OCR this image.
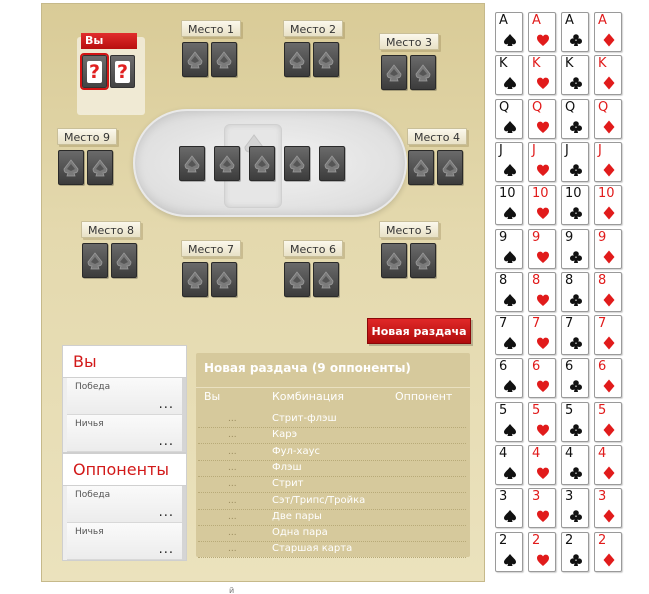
Вы
? ?
Место 1	Место 2
Место 3
Место 4
Место 5
Место 6
Место 7
Место 8
Место 9
Новая раздача
Вы
Победа
...
Ничья
...
Оппоненты
Победа
...
Ничья
...
Новая раздача (9 оппоненты)
Вы	Комбинация	Оппонент
...	Стрит-флэш
...	Карэ
...	Фул-хаус
...	Флэш
...	Стрит
...	Сэт/Трипс/Тройка
...	Две пары
...	Одна пара
...	Старшая карта
A A A A
K K K K
Q Q Q Q
J J J J
10 10 10 10
9 9 9 9
8 8 8 8
7 7 7 7
6 6 6 6
5 5 5 5
4 4 4 4
3 3 3 3
2 2 2 2
й
